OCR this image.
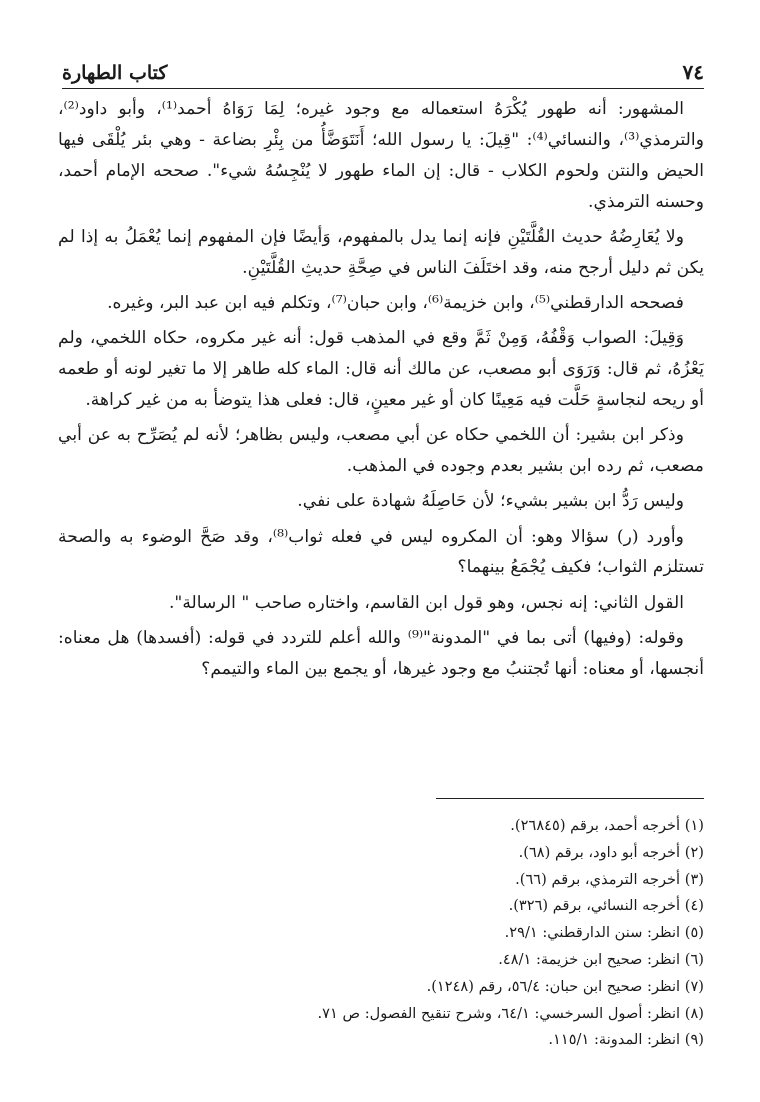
٧٤
كتاب الطهارة

المشهور: أنه طهور يُكْرَهُ استعماله مع وجود غيره؛ لِمَا رَوَاهُ أحمد⁽¹⁾، وأبو داود⁽²⁾، والترمذي⁽³⁾، والنسائي⁽⁴⁾: "قِيلَ: يا رسول الله؛ أَنَتَوَضَّأُ من بِئْرِ بضاعة - وهي بئر يُلْقَى فيها الحيض والنتن ولحوم الكلاب - قال: إن الماء طهور لا يُنْجِسُهُ شيء". صححه الإمام أحمد، وحسنه الترمذي.

ولا يُعَارِضُهُ حديث القُلَّتَيْنِ فإنه إنما يدل بالمفهوم، وَأيضًا فإن المفهوم إنما يُعْمَلُ به إذا لم يكن ثم دليل أرجح منه، وقد اختَلَفَ الناس في صِحَّةِ حديثِ القُلَّتَيْنِ.

فصححه الدارقطني⁽⁵⁾، وابن خزيمة⁽⁶⁾، وابن حبان⁽⁷⁾، وتكلم فيه ابن عبد البر، وغيره.

وَقِيلَ: الصواب وَقْفُهُ، وَمِنْ ثَمَّ وقع في المذهب قول: أنه غير مكروه، حكاه اللخمي، ولم يَعْزُهُ، ثم قال: وَرَوَى أبو مصعب، عن مالك أنه قال: الماء كله طاهر إلا ما تغير لونه أو طعمه أو ريحه لنجاسةٍ حَلَّت فيه مَعِينًا كان أو غير معينٍ، قال: فعلى هذا يتوضأ به من غير كراهة.

وذكر ابن بشير: أن اللخمي حكاه عن أبي مصعب، وليس بظاهر؛ لأنه لم يُصَرِّح به عن أبي مصعب، ثم رده ابن بشير بعدم وجوده في المذهب.

وليس رَدُّ ابن بشير بشيء؛ لأن حَاصِلَهُ شهادة على نفي.

وأورد (ر) سؤالا وهو: أن المكروه ليس في فعله ثواب⁽⁸⁾، وقد صَحَّ الوضوء به والصحة تستلزم الثواب؛ فكيف يُجْمَعُ بينهما؟

القول الثاني: إنه نجس، وهو قول ابن القاسم، واختاره صاحب " الرسالة".

وقوله: (وفيها) أتى بما في "المدونة"⁽⁹⁾ والله أعلم للتردد في قوله: (أفسدها) هل معناه: أنجسها، أو معناه: أنها تُجتنبُ مع وجود غيرها، أو يجمع بين الماء والتيمم؟

(١) أخرجه أحمد، برقم (٢٦٨٤٥).

(٢) أخرجه أبو داود، برقم (٦٨).

(٣) أخرجه الترمذي، برقم (٦٦).

(٤) أخرجه النسائي، برقم (٣٢٦).

(٥) انظر: سنن الدارقطني: ٢٩/١.

(٦) انظر: صحيح ابن خزيمة: ٤٨/١.

(٧) انظر: صحيح ابن حبان: ٥٦/٤، رقم (١٢٤٨).

(٨) انظر: أصول السرخسي: ٦٤/١، وشرح تنقيح الفصول: ص ٧١.

(٩) انظر: المدونة: ١١٥/١.
